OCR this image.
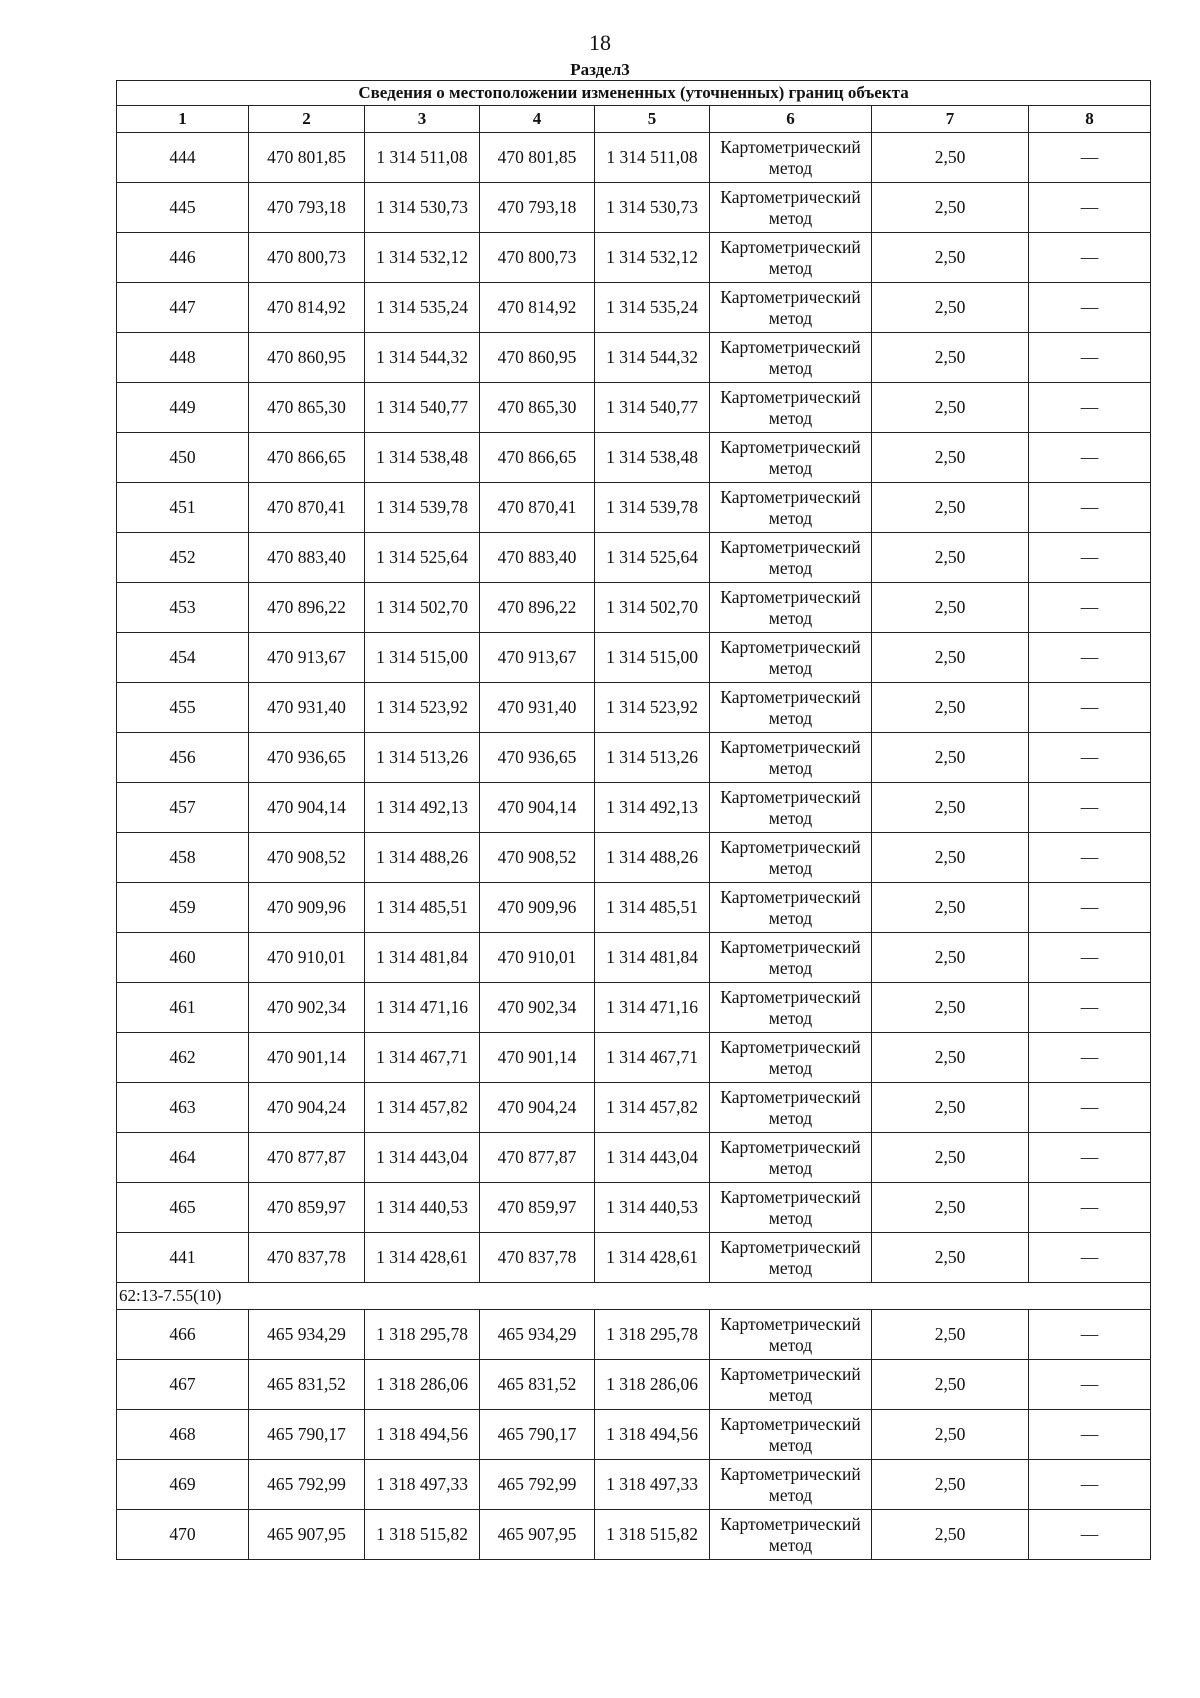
18
Раздел3
Сведения о местоположении измененных (уточненных) границ объекта							
1	2	3	4	5	6	7	8
444	470 801,85	1 314 511,08	470 801,85	1 314 511,08	Картометрический метод	2,50	—
445	470 793,18	1 314 530,73	470 793,18	1 314 530,73	Картометрический метод	2,50	—
446	470 800,73	1 314 532,12	470 800,73	1 314 532,12	Картометрический метод	2,50	—
447	470 814,92	1 314 535,24	470 814,92	1 314 535,24	Картометрический метод	2,50	—
448	470 860,95	1 314 544,32	470 860,95	1 314 544,32	Картометрический метод	2,50	—
449	470 865,30	1 314 540,77	470 865,30	1 314 540,77	Картометрический метод	2,50	—
450	470 866,65	1 314 538,48	470 866,65	1 314 538,48	Картометрический метод	2,50	—
451	470 870,41	1 314 539,78	470 870,41	1 314 539,78	Картометрический метод	2,50	—
452	470 883,40	1 314 525,64	470 883,40	1 314 525,64	Картометрический метод	2,50	—
453	470 896,22	1 314 502,70	470 896,22	1 314 502,70	Картометрический метод	2,50	—
454	470 913,67	1 314 515,00	470 913,67	1 314 515,00	Картометрический метод	2,50	—
455	470 931,40	1 314 523,92	470 931,40	1 314 523,92	Картометрический метод	2,50	—
456	470 936,65	1 314 513,26	470 936,65	1 314 513,26	Картометрический метод	2,50	—
457	470 904,14	1 314 492,13	470 904,14	1 314 492,13	Картометрический метод	2,50	—
458	470 908,52	1 314 488,26	470 908,52	1 314 488,26	Картометрический метод	2,50	—
459	470 909,96	1 314 485,51	470 909,96	1 314 485,51	Картометрический метод	2,50	—
460	470 910,01	1 314 481,84	470 910,01	1 314 481,84	Картометрический метод	2,50	—
461	470 902,34	1 314 471,16	470 902,34	1 314 471,16	Картометрический метод	2,50	—
462	470 901,14	1 314 467,71	470 901,14	1 314 467,71	Картометрический метод	2,50	—
463	470 904,24	1 314 457,82	470 904,24	1 314 457,82	Картометрический метод	2,50	—
464	470 877,87	1 314 443,04	470 877,87	1 314 443,04	Картометрический метод	2,50	—
465	470 859,97	1 314 440,53	470 859,97	1 314 440,53	Картометрический метод	2,50	—
441	470 837,78	1 314 428,61	470 837,78	1 314 428,61	Картометрический метод	2,50	—
62:13-7.55(10)							
466	465 934,29	1 318 295,78	465 934,29	1 318 295,78	Картометрический метод	2,50	—
467	465 831,52	1 318 286,06	465 831,52	1 318 286,06	Картометрический метод	2,50	—
468	465 790,17	1 318 494,56	465 790,17	1 318 494,56	Картометрический метод	2,50	—
469	465 792,99	1 318 497,33	465 792,99	1 318 497,33	Картометрический метод	2,50	—
470	465 907,95	1 318 515,82	465 907,95	1 318 515,82	Картометрический метод	2,50	—
